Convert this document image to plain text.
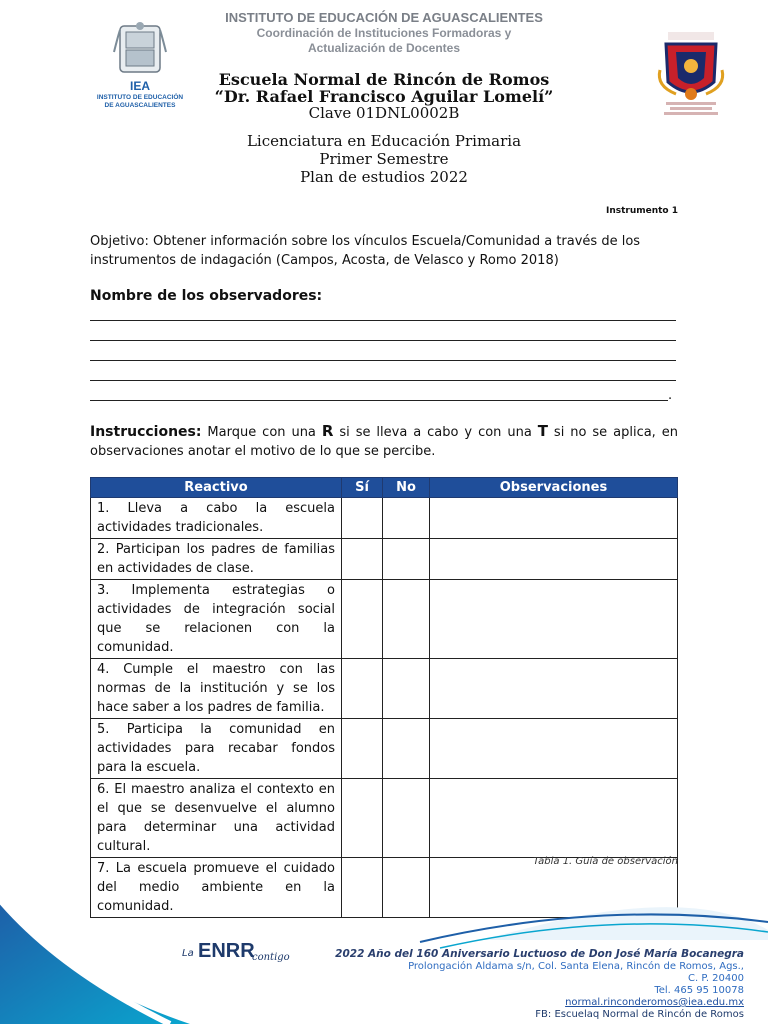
INSTITUTO DE EDUCACIÓN DE AGUASCALIENTES
Coordinación de Instituciones Formadoras y
Actualización de Docentes
Escuela Normal de Rincón de Romos
“Dr. Rafael Francisco Aguilar Lomelí”
Clave 01DNL0002B
Licenciatura en Educación Primaria
Primer Semestre
Plan de estudios 2022
IEA
INSTITUTO DE EDUCACIÓN
DE AGUASCALIENTES
Instrumento 1
Objetivo: Obtener información sobre los vínculos Escuela/Comunidad a través de los instrumentos de indagación (Campos, Acosta, de Velasco y Romo 2018)
Nombre de los observadores:
.
Instrucciones: Marque con una R si se lleva a cabo y con una T si no se aplica, en observaciones anotar el motivo de lo que se percibe.
Reactivo	Sí	No	Observaciones
1. Lleva a cabo la escuela actividades tradicionales.			
2. Participan los padres de familias en actividades de clase.			
3. Implementa estrategias o actividades de integración social que se relacionen con la comunidad.			
4. Cumple el maestro con las normas de la institución y se los hace saber a los padres de familia.			
5. Participa la comunidad en actividades para recabar fondos para la escuela.			
6. El maestro analiza el contexto en el que se desenvuelve el alumno para determinar una actividad cultural.			
7. La escuela promueve el cuidado del medio ambiente en la comunidad.			
Tabla 1. Guía de observación
La ENRR
contigo	2022 Año del 160 Aniversario Luctuoso de Don José María Bocanegra
Prolongación Aldama s/n, Col. Santa Elena, Rincón de Romos, Ags.,
C. P. 20400
Tel. 465 95 10078
normal.rinconderomos@iea.edu.mx
FB: Escuelaq Normal de Rincón de Romos
